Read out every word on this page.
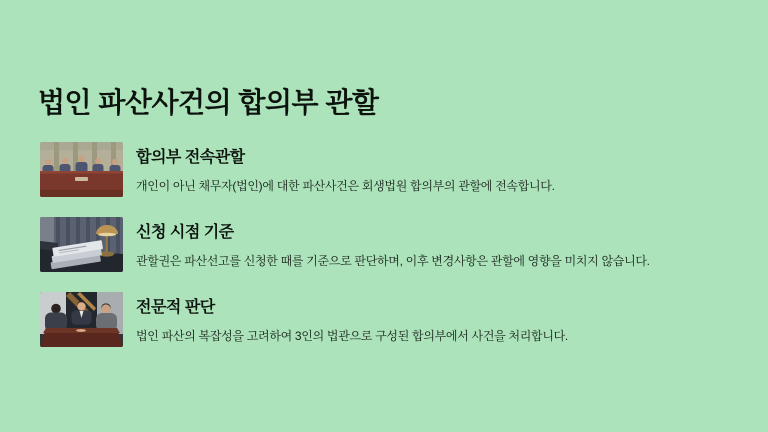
법인 파산사건의 합의부 관할
합의부 전속관할
개인이 아닌 채무자(법인)에 대한 파산사건은 회생법원 합의부의 관할에 전속합니다.
신청 시점 기준
관할권은 파산선고를 신청한 때를 기준으로 판단하며, 이후 변경사항은 관할에 영향을 미치지 않습니다.
전문적 판단
법인 파산의 복잡성을 고려하여 3인의 법관으로 구성된 합의부에서 사건을 처리합니다.
